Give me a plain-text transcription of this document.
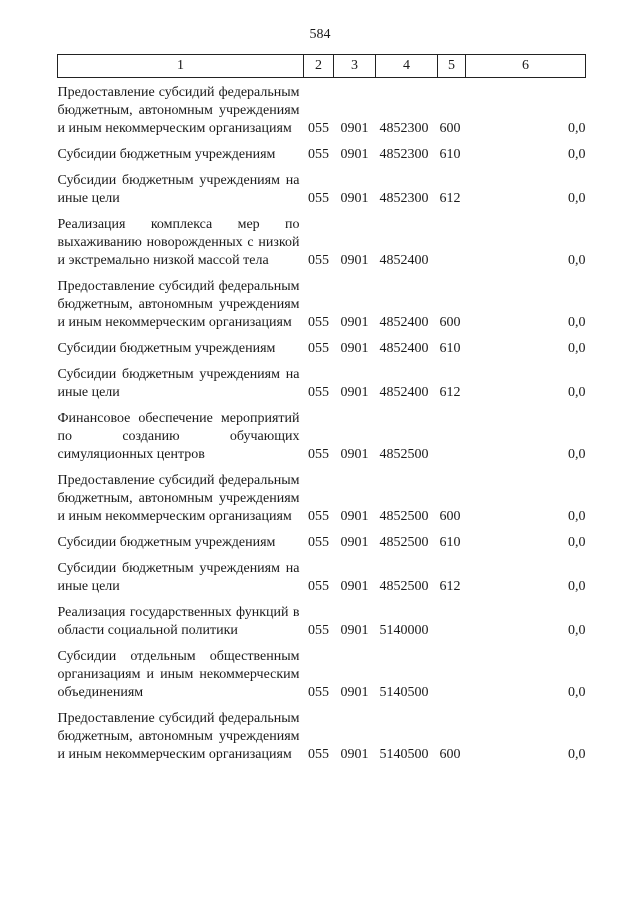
584
1	2	3	4	5	6
Предоставление субсидий федеральным бюджетным, автономным учреждениям и иным некоммерческим организациям	055	0901	4852300	600	0,0
Субсидии бюджетным учреждениям	055	0901	4852300	610	0,0
Субсидии бюджетным учреждениям на иные цели	055	0901	4852300	612	0,0
Реализация комплекса мер по выхаживанию новорожденных с низкой и экстремально низкой массой тела	055	0901	4852400		0,0
Предоставление субсидий федеральным бюджетным, автономным учреждениям и иным некоммерческим организациям	055	0901	4852400	600	0,0
Субсидии бюджетным учреждениям	055	0901	4852400	610	0,0
Субсидии бюджетным учреждениям на иные цели	055	0901	4852400	612	0,0
Финансовое обеспечение мероприятий по созданию обучающих симуляционных центров	055	0901	4852500		0,0
Предоставление субсидий федеральным бюджетным, автономным учреждениям и иным некоммерческим организациям	055	0901	4852500	600	0,0
Субсидии бюджетным учреждениям	055	0901	4852500	610	0,0
Субсидии бюджетным учреждениям на иные цели	055	0901	4852500	612	0,0
Реализация государственных функций в области социальной политики	055	0901	5140000		0,0
Субсидии отдельным общественным организациям и иным некоммерческим объединениям	055	0901	5140500		0,0
Предоставление субсидий федеральным бюджетным, автономным учреждениям и иным некоммерческим организациям	055	0901	5140500	600	0,0
